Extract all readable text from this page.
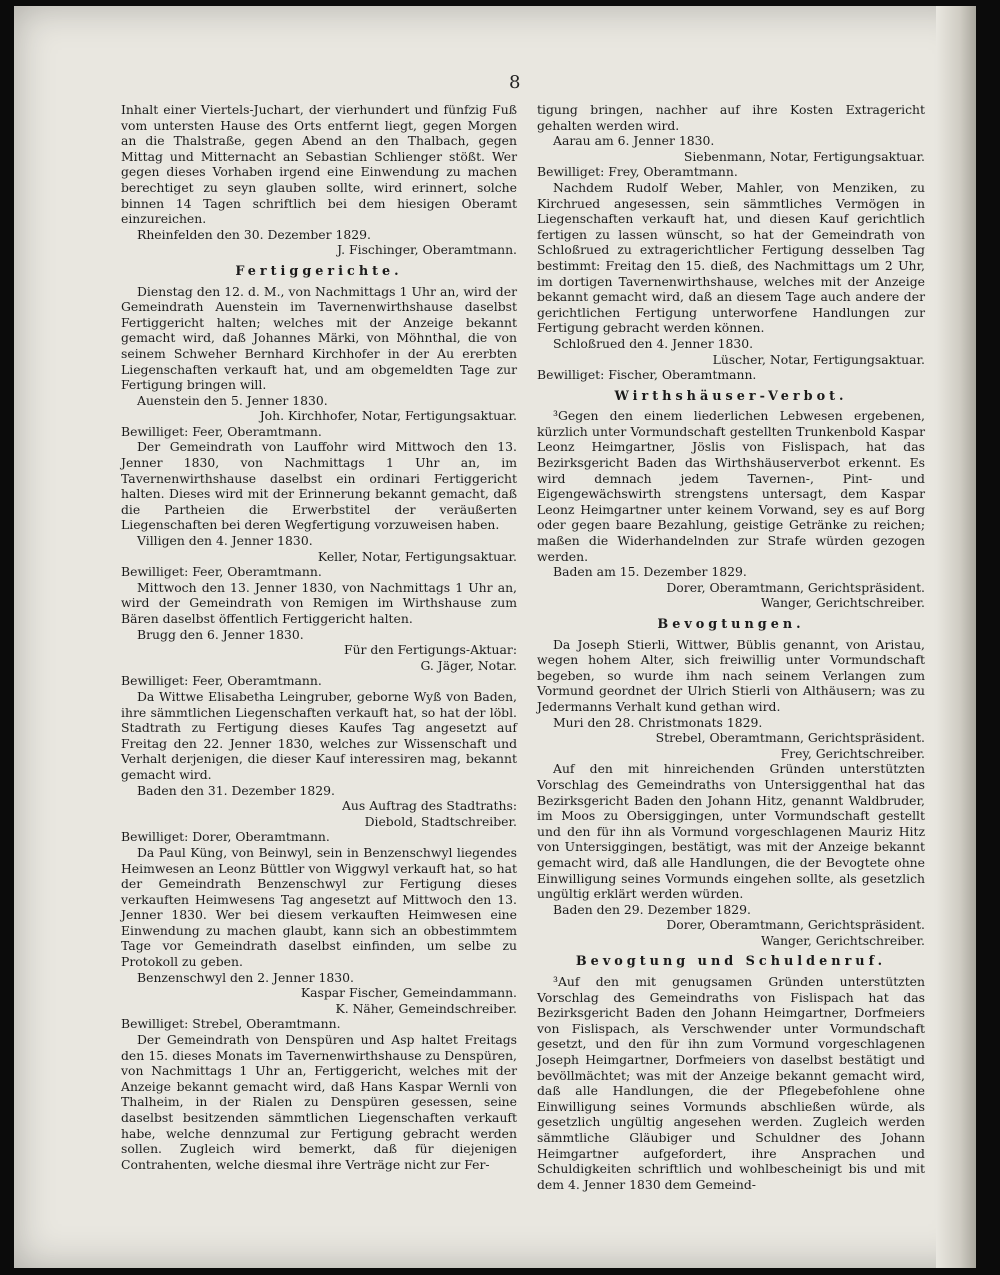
8

Inhalt einer Viertels-Juchart, der vierhundert und fünfzig Fuß vom untersten Hause des Orts entfernt liegt, gegen Morgen an die Thalstraße, gegen Abend an den Thalbach, gegen Mittag und Mitternacht an Sebastian Schlienger stößt. Wer gegen dieses Vorhaben irgend eine Einwendung zu machen berechtiget zu seyn glauben sollte, wird erinnert, solche binnen 14 Tagen schriftlich bei dem hiesigen Oberamt einzureichen.

Rheinfelden den 30. Dezember 1829.

J. Fischinger, Oberamtmann.

Fertiggerichte.

Dienstag den 12. d. M., von Nachmittags 1 Uhr an, wird der Gemeindrath Auenstein im Tavernenwirthshause daselbst Fertiggericht halten; welches mit der Anzeige bekannt gemacht wird, daß Johannes Märki, von Möhnthal, die von seinem Schweher Bernhard Kirchhofer in der Au ererbten Liegenschaften verkauft hat, und am obgemeldten Tage zur Fertigung bringen will.

Auenstein den 5. Jenner 1830.

Joh. Kirchhofer, Notar, Fertigungsaktuar.

Bewilliget: Feer, Oberamtmann.

Der Gemeindrath von Lauffohr wird Mittwoch den 13. Jenner 1830, von Nachmittags 1 Uhr an, im Tavernenwirthshause daselbst ein ordinari Fertiggericht halten. Dieses wird mit der Erinnerung bekannt gemacht, daß die Partheien die Erwerbstitel der veräußerten Liegenschaften bei deren Wegfertigung vorzuweisen haben.

Villigen den 4. Jenner 1830.

Keller, Notar, Fertigungsaktuar.

Bewilliget: Feer, Oberamtmann.

Mittwoch den 13. Jenner 1830, von Nachmittags 1 Uhr an, wird der Gemeindrath von Remigen im Wirthshause zum Bären daselbst öffentlich Fertiggericht halten.

Brugg den 6. Jenner 1830.

Für den Fertigungs-Aktuar:

G. Jäger, Notar.

Bewilliget: Feer, Oberamtmann.

Da Wittwe Elisabetha Leingruber, geborne Wyß von Baden, ihre sämmtlichen Liegenschaften verkauft hat, so hat der löbl. Stadtrath zu Fertigung dieses Kaufes Tag angesetzt auf Freitag den 22. Jenner 1830, welches zur Wissenschaft und Verhalt derjenigen, die dieser Kauf interessiren mag, bekannt gemacht wird.

Baden den 31. Dezember 1829.

Aus Auftrag des Stadtraths:

Diebold, Stadtschreiber.

Bewilliget: Dorer, Oberamtmann.

Da Paul Küng, von Beinwyl, sein in Benzenschwyl liegendes Heimwesen an Leonz Büttler von Wiggwyl verkauft hat, so hat der Gemeindrath Benzenschwyl zur Fertigung dieses verkauften Heimwesens Tag angesetzt auf Mittwoch den 13. Jenner 1830. Wer bei diesem verkauften Heimwesen eine Einwendung zu machen glaubt, kann sich an obbestimmtem Tage vor Gemeindrath daselbst einfinden, um selbe zu Protokoll zu geben.

Benzenschwyl den 2. Jenner 1830.

Kaspar Fischer, Gemeindammann.

K. Näher, Gemeindschreiber.

Bewilliget: Strebel, Oberamtmann.

Der Gemeindrath von Denspüren und Asp haltet Freitags den 15. dieses Monats im Tavernenwirthshause zu Denspüren, von Nachmittags 1 Uhr an, Fertiggericht, welches mit der Anzeige bekannt gemacht wird, daß Hans Kaspar Wernli von Thalheim, in der Rialen zu Denspüren gesessen, seine daselbst besitzenden sämmtlichen Liegenschaften verkauft habe, welche dennzumal zur Fertigung gebracht werden sollen. Zugleich wird bemerkt, daß für diejenigen Contrahenten, welche diesmal ihre Verträge nicht zur Fer-

tigung bringen, nachher auf ihre Kosten Extragericht gehalten werden wird.

Aarau am 6. Jenner 1830.

Siebenmann, Notar, Fertigungsaktuar.

Bewilliget: Frey, Oberamtmann.

Nachdem Rudolf Weber, Mahler, von Menziken, zu Kirchrued angesessen, sein sämmtliches Vermögen in Liegenschaften verkauft hat, und diesen Kauf gerichtlich fertigen zu lassen wünscht, so hat der Gemeindrath von Schloßrued zu extragerichtlicher Fertigung desselben Tag bestimmt: Freitag den 15. dieß, des Nachmittags um 2 Uhr, im dortigen Tavernenwirthshause, welches mit der Anzeige bekannt gemacht wird, daß an diesem Tage auch andere der gerichtlichen Fertigung unterworfene Handlungen zur Fertigung gebracht werden können.

Schloßrued den 4. Jenner 1830.

Lüscher, Notar, Fertigungsaktuar.

Bewilliget: Fischer, Oberamtmann.

Wirthshäuser-Verbot.

³Gegen den einem liederlichen Lebwesen ergebenen, kürzlich unter Vormundschaft gestellten Trunkenbold Kaspar Leonz Heimgartner, Jöslis von Fislispach, hat das Bezirksgericht Baden das Wirthshäuserverbot erkennt. Es wird demnach jedem Tavernen-, Pint- und Eigengewächswirth strengstens untersagt, dem Kaspar Leonz Heimgartner unter keinem Vorwand, sey es auf Borg oder gegen baare Bezahlung, geistige Getränke zu reichen; maßen die Widerhandelnden zur Strafe würden gezogen werden.

Baden am 15. Dezember 1829.

Dorer, Oberamtmann, Gerichtspräsident.

Wanger, Gerichtschreiber.

Bevogtungen.

Da Joseph Stierli, Wittwer, Büblis genannt, von Aristau, wegen hohem Alter, sich freiwillig unter Vormundschaft begeben, so wurde ihm nach seinem Verlangen zum Vormund geordnet der Ulrich Stierli von Althäusern; was zu Jedermanns Verhalt kund gethan wird.

Muri den 28. Christmonats 1829.

Strebel, Oberamtmann, Gerichtspräsident.

Frey, Gerichtschreiber.

Auf den mit hinreichenden Gründen unterstützten Vorschlag des Gemeindraths von Untersiggenthal hat das Bezirksgericht Baden den Johann Hitz, genannt Waldbruder, im Moos zu Obersiggingen, unter Vormundschaft gestellt und den für ihn als Vormund vorgeschlagenen Mauriz Hitz von Untersiggingen, bestätigt, was mit der Anzeige bekannt gemacht wird, daß alle Handlungen, die der Bevogtete ohne Einwilligung seines Vormunds eingehen sollte, als gesetzlich ungültig erklärt werden würden.

Baden den 29. Dezember 1829.

Dorer, Oberamtmann, Gerichtspräsident.

Wanger, Gerichtschreiber.

Bevogtung und Schuldenruf.

³Auf den mit genugsamen Gründen unterstützten Vorschlag des Gemeindraths von Fislispach hat das Bezirksgericht Baden den Johann Heimgartner, Dorfmeiers von Fislispach, als Verschwender unter Vormundschaft gesetzt, und den für ihn zum Vormund vorgeschlagenen Joseph Heimgartner, Dorfmeiers von daselbst bestätigt und bevöllmächtet; was mit der Anzeige bekannt gemacht wird, daß alle Handlungen, die der Pflegebefohlene ohne Einwilligung seines Vormunds abschließen würde, als gesetzlich ungültig angesehen werden. Zugleich werden sämmtliche Gläubiger und Schuldner des Johann Heimgartner aufgefordert, ihre Ansprachen und Schuldigkeiten schriftlich und wohlbescheinigt bis und mit dem 4. Jenner 1830 dem Gemeind-
